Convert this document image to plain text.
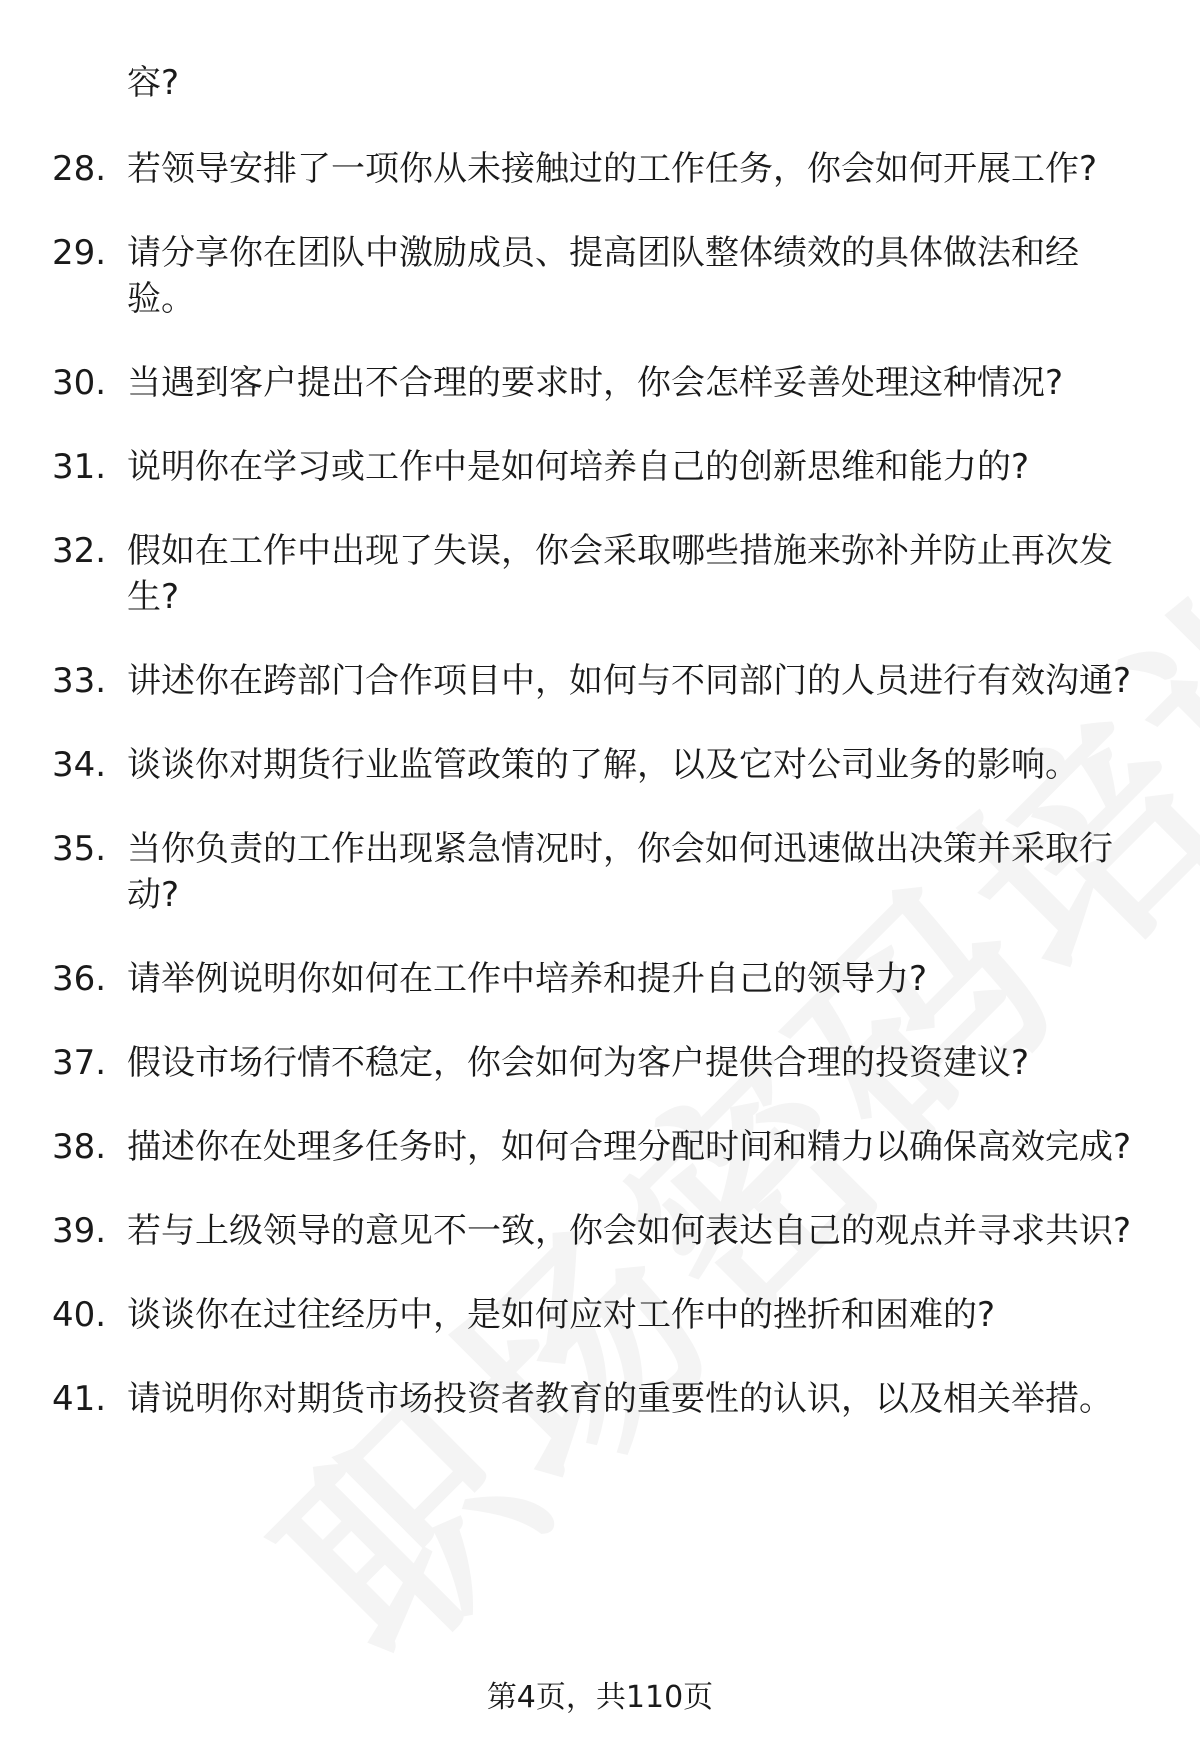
容?
28. 若领导安排了一项你从未接触过的工作任务，你会如何开展工作?
29. 请分享你在团队中激励成员、提高团队整体绩效的具体做法和经验。
30. 当遇到客户提出不合理的要求时，你会怎样妥善处理这种情况?
31. 说明你在学习或工作中是如何培养自己的创新思维和能力的?
32. 假如在工作中出现了失误，你会采取哪些措施来弥补并防止再次发生?
33. 讲述你在跨部门合作项目中，如何与不同部门的人员进行有效沟通?
34. 谈谈你对期货行业监管政策的了解，以及它对公司业务的影响。
35. 当你负责的工作出现紧急情况时，你会如何迅速做出决策并采取行动?
36. 请举例说明你如何在工作中培养和提升自己的领导力?
37. 假设市场行情不稳定，你会如何为客户提供合理的投资建议?
38. 描述你在处理多任务时，如何合理分配时间和精力以确保高效完成?
39. 若与上级领导的意见不一致，你会如何表达自己的观点并寻求共识?
40. 谈谈你在过往经历中，是如何应对工作中的挫折和困难的?
41. 请说明你对期货市场投资者教育的重要性的认识，以及相关举措。
第4页，共110页
